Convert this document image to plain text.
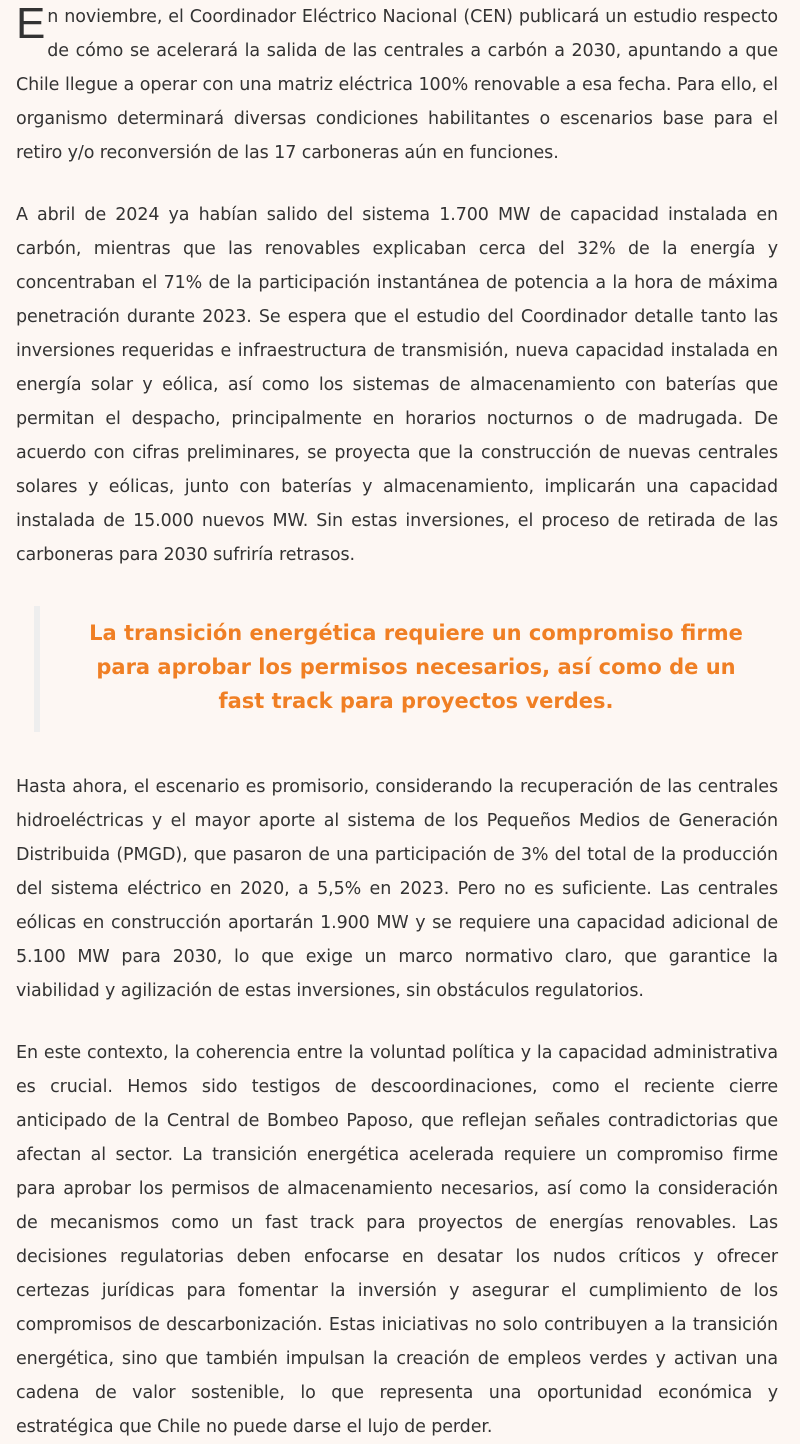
En noviembre, el Coordinador Eléctrico Nacional (CEN) publicará un estudio respecto de cómo se acelerará la salida de las centrales a carbón a 2030, apuntando a que Chile llegue a operar con una matriz eléctrica 100% renovable a esa fecha. Para ello, el organismo determinará diversas condiciones habilitantes o escenarios base para el retiro y/o reconversión de las 17 carboneras aún en funciones.

A abril de 2024 ya habían salido del sistema 1.700 MW de capacidad instalada en carbón, mientras que las renovables explicaban cerca del 32% de la energía y concentraban el 71% de la participación instantánea de potencia a la hora de máxima penetración durante 2023. Se espera que el estudio del Coordinador detalle tanto las inversiones requeridas e infraestructura de transmisión, nueva capacidad instalada en energía solar y eólica, así como los sistemas de almacenamiento con baterías que permitan el despacho, principalmente en horarios nocturnos o de madrugada. De acuerdo con cifras preliminares, se proyecta que la construcción de nuevas centrales solares y eólicas, junto con baterías y almacenamiento, implicarán una capacidad instalada de 15.000 nuevos MW. Sin estas inversiones, el proceso de retirada de las carboneras para 2030 sufriría retrasos.

La transición energética requiere un compromiso firme para aprobar los permisos necesarios, así como de un fast track para proyectos verdes.

Hasta ahora, el escenario es promisorio, considerando la recuperación de las centrales hidroeléctricas y el mayor aporte al sistema de los Pequeños Medios de Generación Distribuida (PMGD), que pasaron de una participación de 3% del total de la producción del sistema eléctrico en 2020, a 5,5% en 2023. Pero no es suficiente. Las centrales eólicas en construcción aportarán 1.900 MW y se requiere una capacidad adicional de 5.100 MW para 2030, lo que exige un marco normativo claro, que garantice la viabilidad y agilización de estas inversiones, sin obstáculos regulatorios.

En este contexto, la coherencia entre la voluntad política y la capacidad administrativa es crucial. Hemos sido testigos de descoordinaciones, como el reciente cierre anticipado de la Central de Bombeo Paposo, que reflejan señales contradictorias que afectan al sector. La transición energética acelerada requiere un compromiso firme para aprobar los permisos de almacenamiento necesarios, así como la consideración de mecanismos como un fast track para proyectos de energías renovables. Las decisiones regulatorias deben enfocarse en desatar los nudos críticos y ofrecer certezas jurídicas para fomentar la inversión y asegurar el cumplimiento de los compromisos de descarbonización. Estas iniciativas no solo contribuyen a la transición energética, sino que también impulsan la creación de empleos verdes y activan una cadena de valor sostenible, lo que representa una oportunidad económica y estratégica que Chile no puede darse el lujo de perder.
